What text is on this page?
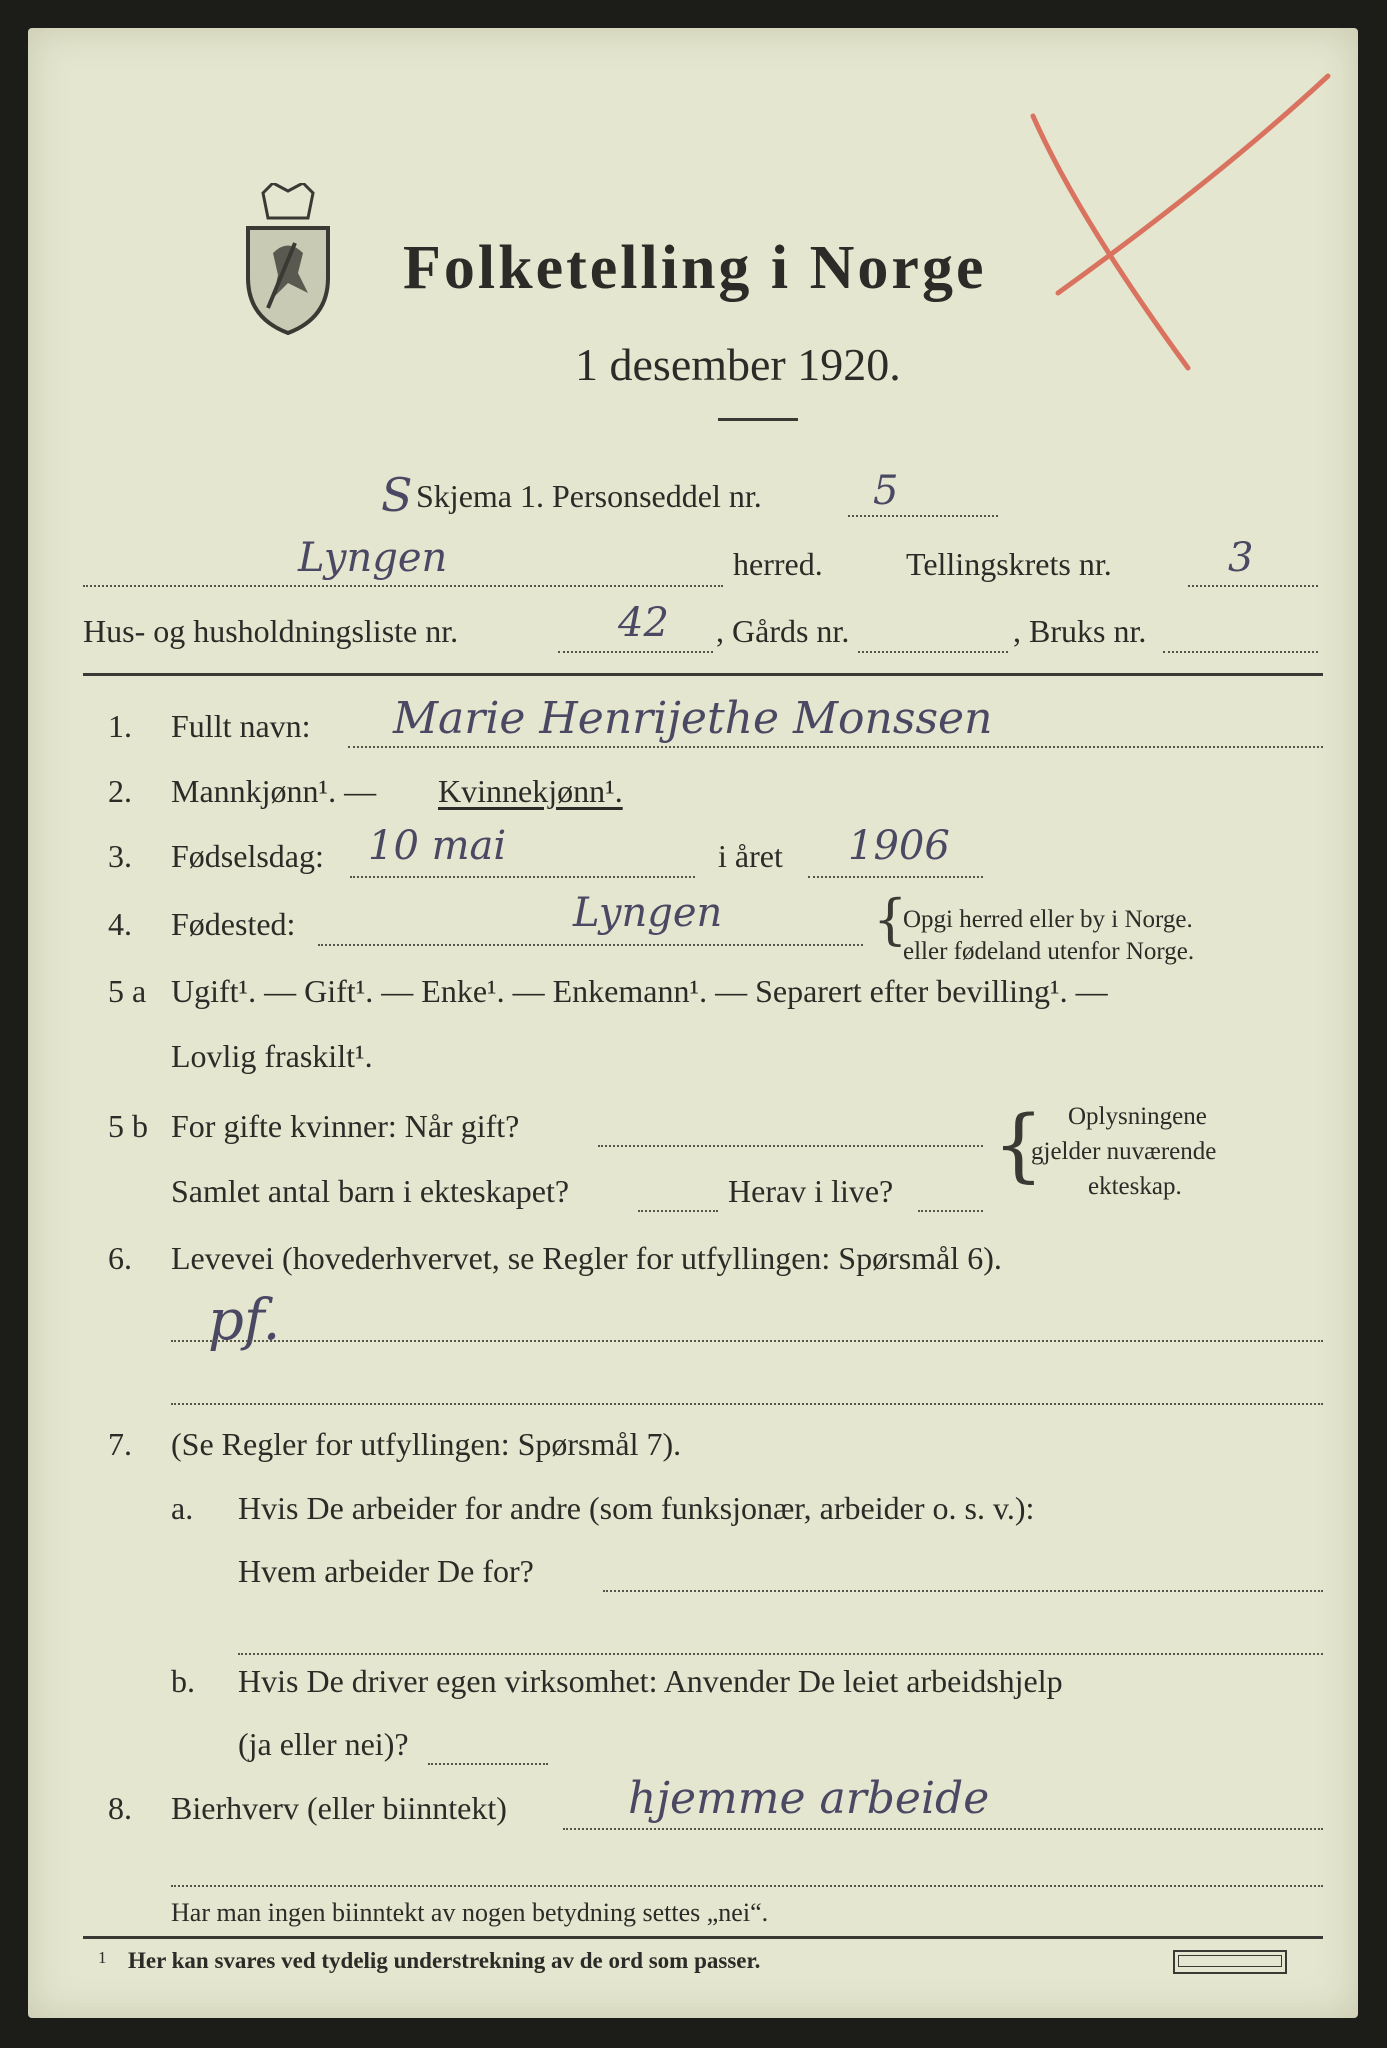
Folketelling i Norge
1 desember 1920.
S Skjema 1. Personseddel nr.	5
Lyngen	herred.	Tellingskrets nr.	3
Hus- og husholdningsliste nr.	42 , Gårds nr.	, Bruks nr.
1. Fullt navn: Marie Henrijethe Monssen
2. Mannkjønn¹. — Kvinnekjønn¹.
3. Fødselsdag: 10 mai	i året 1906
4. Fødested:	Lyngen	{
Opgi herred eller by i Norge.
eller fødeland utenfor Norge.
5 a Ugift¹. — Gift¹. — Enke¹. — Enkemann¹. — Separert efter bevilling¹. —
Lovlig fraskilt¹.
5 b For gifte kvinner: Når gift?
Samlet antal barn i ekteskapet?	Herav i live? { Oplysningene
gjelder nuværende
ekteskap.
6. Levevei (hovederhvervet, se Regler for utfyllingen: Spørsmål 6).
pf.
7. (Se Regler for utfyllingen: Spørsmål 7).
a. Hvis De arbeider for andre (som funksjonær, arbeider o. s. v.):
Hvem arbeider De for?
b. Hvis De driver egen virksomhet: Anvender De leiet arbeidshjelp
(ja eller nei)?
8. Bierhverv (eller biinntekt)	hjemme arbeide
Har man ingen biinntekt av nogen betydning settes „nei“.
1 Her kan svares ved tydelig understrekning av de ord som passer.
